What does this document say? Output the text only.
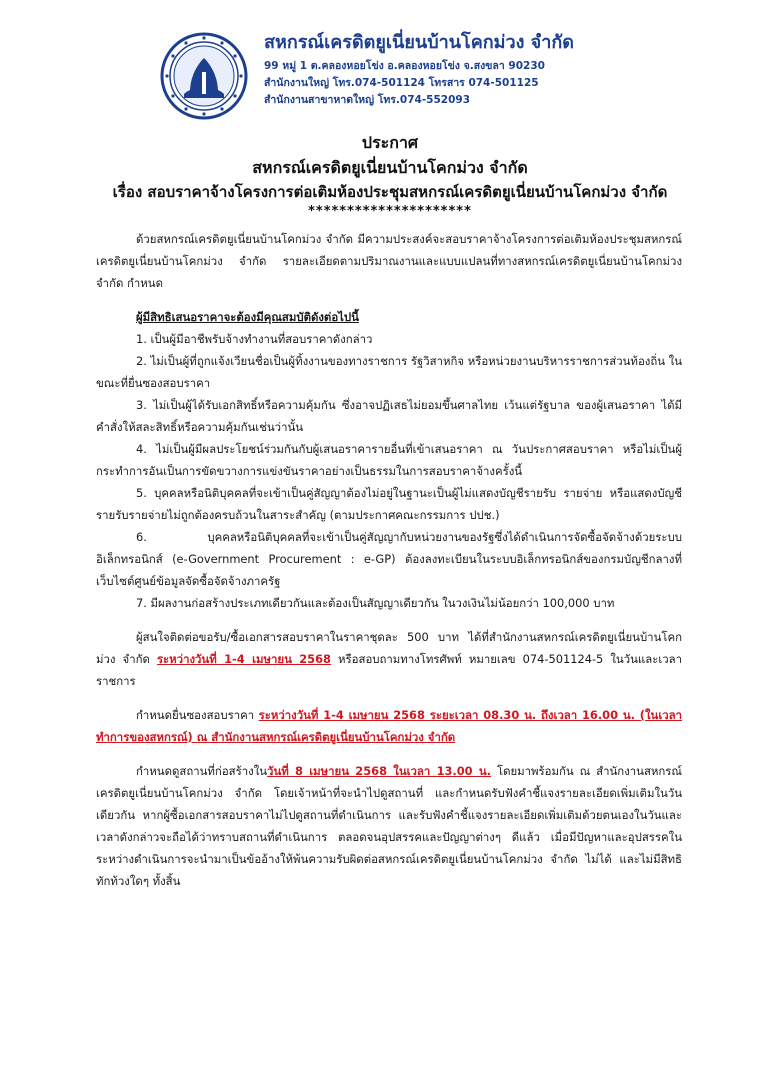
สหกรณ์เครดิตยูเนี่ยนบ้านโคกม่วง จำกัด
99 หมู่ 1 ต.คลองหอยโข่ง อ.คลองหอยโข่ง จ.สงขลา 90230
สำนักงานใหญ่ โทร.074-501124 โทรสาร 074-501125
สำนักงานสาขาหาดใหญ่ โทร.074-552093
ประกาศ
สหกรณ์เครดิตยูเนี่ยนบ้านโคกม่วง จำกัด
เรื่อง สอบราคาจ้างโครงการต่อเติมห้องประชุมสหกรณ์เครดิตยูเนี่ยนบ้านโคกม่วง จำกัด
*********************

ด้วยสหกรณ์เครดิตยูเนี่ยนบ้านโคกม่วง จำกัด มีความประสงค์จะสอบราคาจ้างโครงการต่อเติมห้องประชุมสหกรณ์เครดิตยูเนี่ยนบ้านโคกม่วง จำกัด รายละเอียดตามปริมาณงานและแบบแปลนที่ทางสหกรณ์เครดิตยูเนี่ยนบ้านโคกม่วง จำกัด กำหนด

ผู้มีสิทธิเสนอราคาจะต้องมีคุณสมบัติดังต่อไปนี้

1. เป็นผู้มีอาชีพรับจ้างทำงานที่สอบราคาดังกล่าว

2. ไม่เป็นผู้ที่ถูกแจ้งเวียนชื่อเป็นผู้ทิ้งงานของทางราชการ รัฐวิสาหกิจ หรือหน่วยงานบริหารราชการส่วนท้องถิ่น ในขณะที่ยื่นซองสอบราคา

3. ไม่เป็นผู้ได้รับเอกสิทธิ์หรือความคุ้มกัน ซึ่งอาจปฏิเสธไม่ยอมขึ้นศาลไทย เว้นแต่รัฐบาล ของผู้เสนอราคา ได้มีคำสั่งให้สละสิทธิ์หรือความคุ้มกันเช่นว่านั้น

4. ไม่เป็นผู้มีผลประโยชน์ร่วมกันกับผู้เสนอราคารายอื่นที่เข้าเสนอราคา ณ วันประกาศสอบราคา หรือไม่เป็นผู้กระทำการอันเป็นการขัดขวางการแข่งขันราคาอย่างเป็นธรรมในการสอบราคาจ้างครั้งนี้

5. บุคคลหรือนิติบุคคลที่จะเข้าเป็นคู่สัญญาต้องไม่อยู่ในฐานะเป็นผู้ไม่แสดงบัญชีรายรับ รายจ่าย หรือแสดงบัญชีรายรับรายจ่ายไม่ถูกต้องครบถ้วนในสาระสำคัญ (ตามประกาศคณะกรรมการ ปปช.)

6. บุคคลหรือนิติบุคคลที่จะเข้าเป็นคู่สัญญากับหน่วยงานของรัฐซึ่งได้ดำเนินการจัดซื้อจัดจ้างด้วยระบบอิเล็กทรอนิกส์ (e-Government Procurement : e-GP) ต้องลงทะเบียนในระบบอิเล็กทรอนิกส์ของกรมบัญชีกลางที่เว็บไซต์ศูนย์ข้อมูลจัดซื้อจัดจ้างภาครัฐ

7. มีผลงานก่อสร้างประเภทเดียวกันและต้องเป็นสัญญาเดียวกัน ในวงเงินไม่น้อยกว่า 100,000 บาท

ผู้สนใจติดต่อขอรับ/ซื้อเอกสารสอบราคาในราคาชุดละ 500 บาท ได้ที่สำนักงานสหกรณ์เครดิตยูเนี่ยนบ้านโคกม่วง จำกัด ระหว่างวันที่ 1-4 เมษายน 2568 หรือสอบถามทางโทรศัพท์ หมายเลข 074-501124-5 ในวันและเวลาราชการ

กำหนดยื่นซองสอบราคา ระหว่างวันที่ 1-4 เมษายน 2568 ระยะเวลา 08.30 น. ถึงเวลา 16.00 น. (ในเวลาทำการของสหกรณ์) ณ สำนักงานสหกรณ์เครดิตยูเนี่ยนบ้านโคกม่วง จำกัด

กำหนดดูสถานที่ก่อสร้างในวันที่ 8 เมษายน 2568 ในเวลา 13.00 น. โดยมาพร้อมกัน ณ สำนักงานสหกรณ์เครดิตยูเนี่ยนบ้านโคกม่วง จำกัด โดยเจ้าหน้าที่จะนำไปดูสถานที่ และกำหนดรับฟังคำชี้แจงรายละเอียดเพิ่มเติมในวันเดียวกัน หากผู้ซื้อเอกสารสอบราคาไม่ไปดูสถานที่ดำเนินการ และรับฟังคำชี้แจงรายละเอียดเพิ่มเติมด้วยตนเองในวันและเวลาดังกล่าวจะถือได้ว่าทราบสถานที่ดำเนินการ ตลอดจนอุปสรรคและปัญญาต่างๆ ดีแล้ว เมื่อมีปัญหาและอุปสรรคในระหว่างดำเนินการจะนำมาเป็นข้ออ้างให้พ้นความรับผิดต่อสหกรณ์เครดิตยูเนี่ยนบ้านโคกม่วง จำกัด ไม่ได้ และไม่มีสิทธิทักท้วงใดๆ ทั้งสิ้น
